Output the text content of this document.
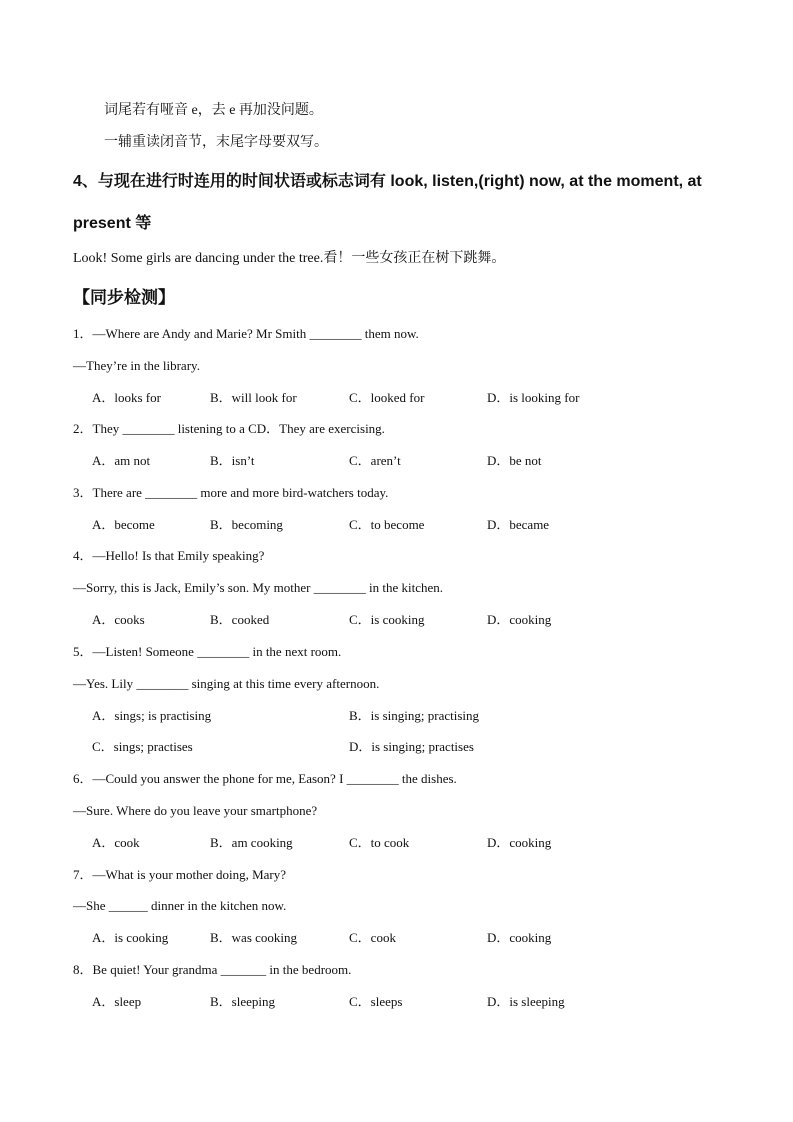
词尾若有哑音 e，去 e 再加没问题。
一辅重读闭音节，末尾字母要双写。
4、与现在进行时连用的时间状语或标志词有 look, listen,(right) now, at the moment, at
present 等
Look! Some girls are dancing under the tree.看！一些女孩正在树下跳舞。
【同步检测】
1．—Where are Andy and Marie? Mr Smith ________ them now.
—They’re in the library.
A．looks for	B．will look for	C．looked for	D．is looking for
2．They ________ listening to a CD．They are exercising.
A．am not	B．isn’t	C．aren’t	D．be not
3．There are ________ more and more bird-watchers today.
A．become	B．becoming	C．to become	D．became
4．—Hello! Is that Emily speaking?
—Sorry, this is Jack, Emily’s son. My mother ________ in the kitchen.
A．cooks	B．cooked	C．is cooking	D．cooking
5．—Listen! Someone ________ in the next room.
—Yes. Lily ________ singing at this time every afternoon.
A．sings; is practising	B．is singing; practising
C．sings; practises	D．is singing; practises
6．—Could you answer the phone for me, Eason? I ________ the dishes.
—Sure. Where do you leave your smartphone?
A．cook	B．am cooking	C．to cook	D．cooking
7．—What is your mother doing, Mary?
—She ______ dinner in the kitchen now.
A．is cooking	B．was cooking	C．cook	D．cooking
8．Be quiet! Your grandma _______ in the bedroom.
A．sleep	B．sleeping	C．sleeps	D．is sleeping
